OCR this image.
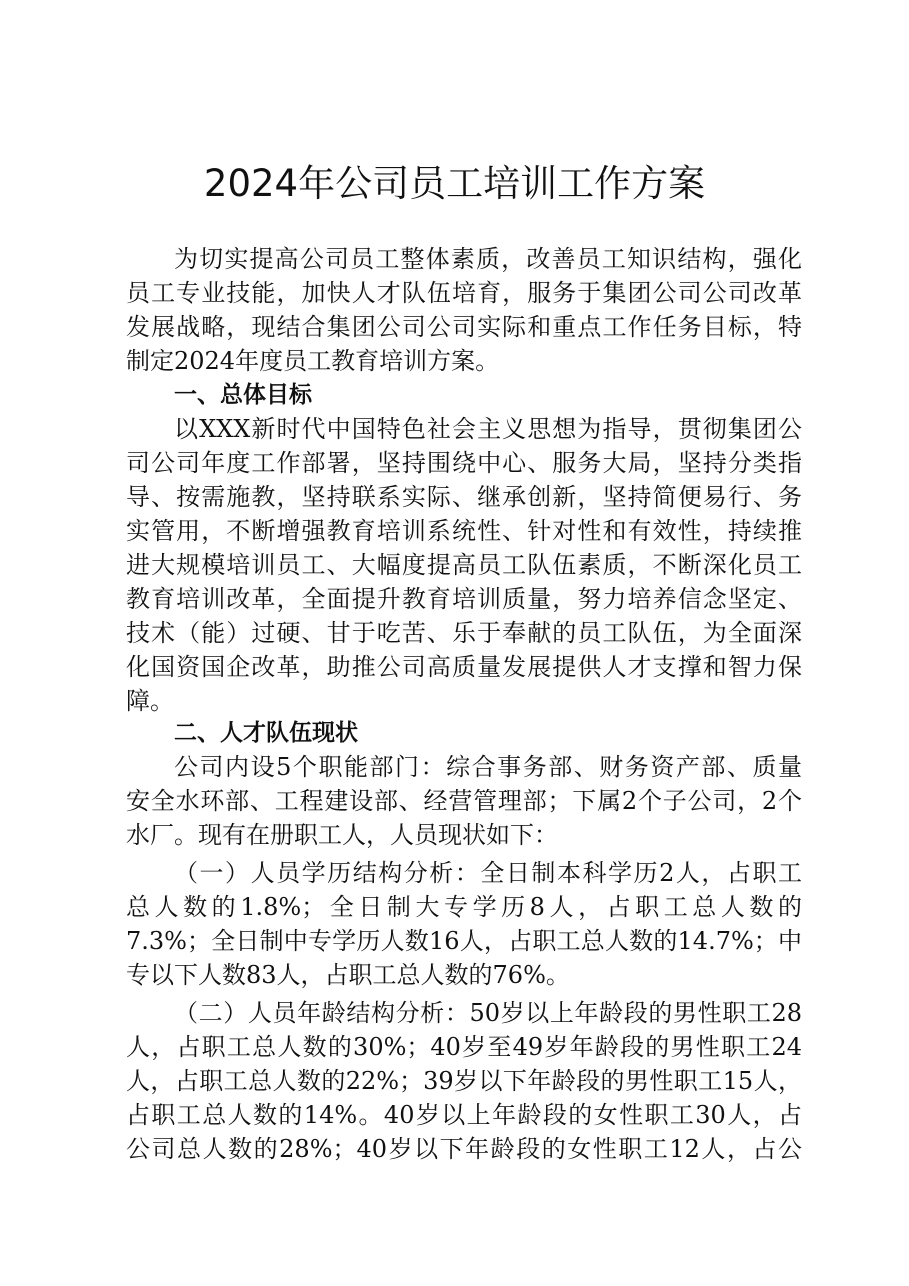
2024年公司员工培训工作方案
为切实提高公司员工整体素质，改善员工知识结构，强化
员工专业技能，加快人才队伍培育，服务于集团公司公司改革
发展战略，现结合集团公司公司实际和重点工作任务目标，特
制定2024年度员工教育培训方案。
一、总体目标
以XXX新时代中国特色社会主义思想为指导，贯彻集团公
司公司年度工作部署，坚持围绕中心、服务大局，坚持分类指
导、按需施教，坚持联系实际、继承创新，坚持简便易行、务
实管用，不断增强教育培训系统性、针对性和有效性，持续推
进大规模培训员工、大幅度提高员工队伍素质，不断深化员工
教育培训改革，全面提升教育培训质量，努力培养信念坚定、
技术（能）过硬、甘于吃苦、乐于奉献的员工队伍，为全面深
化国资国企改革，助推公司高质量发展提供人才支撑和智力保
障。
二、人才队伍现状
公司内设5个职能部门：综合事务部、财务资产部、质量
安全水环部、工程建设部、经营管理部；下属2个子公司，2个
水厂。现有在册职工人，人员现状如下：
（一）人员学历结构分析：全日制本科学历2人，占职工
总人数的1.8%；全日制大专学历8人，占职工总人数的
7.3%；全日制中专学历人数16人，占职工总人数的14.7%；中
专以下人数83人，占职工总人数的76%。
（二）人员年龄结构分析：50岁以上年龄段的男性职工28
人，占职工总人数的30%；40岁至49岁年龄段的男性职工24
人，占职工总人数的22%；39岁以下年龄段的男性职工15人，
占职工总人数的14%。40岁以上年龄段的女性职工30人，占
公司总人数的28%；40岁以下年龄段的女性职工12人，占公
